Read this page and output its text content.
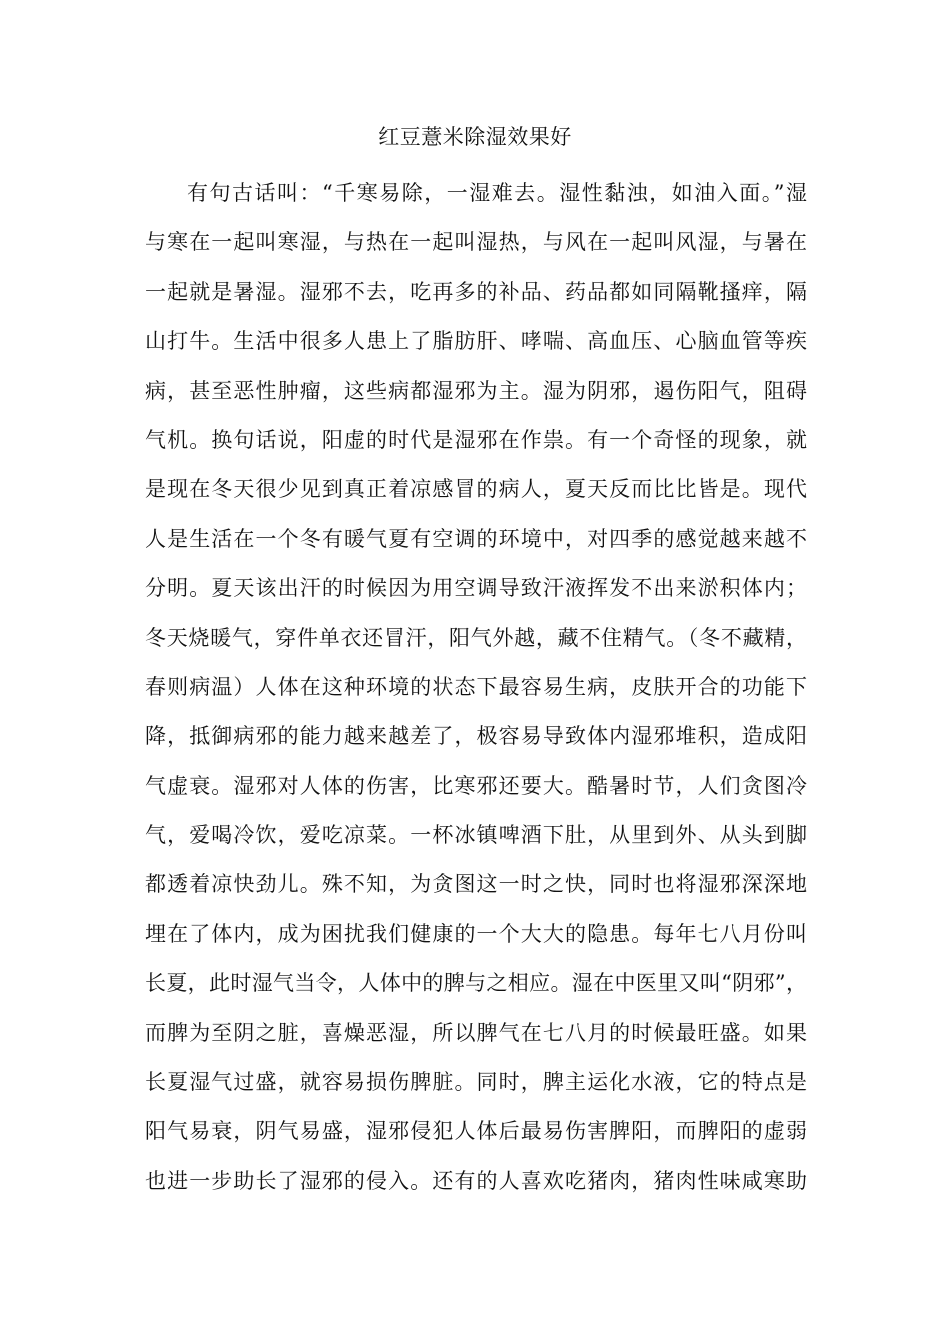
红豆薏米除湿效果好
有句古话叫：“千寒易除，一湿难去。湿性黏浊，如油入面。”湿
与寒在一起叫寒湿，与热在一起叫湿热，与风在一起叫风湿，与暑在
一起就是暑湿。湿邪不去，吃再多的补品、药品都如同隔靴搔痒，隔
山打牛。生活中很多人患上了脂肪肝、哮喘、高血压、心脑血管等疾
病，甚至恶性肿瘤，这些病都湿邪为主。湿为阴邪，遏伤阳气，阻碍
气机。换句话说，阳虚的时代是湿邪在作祟。有一个奇怪的现象，就
是现在冬天很少见到真正着凉感冒的病人，夏天反而比比皆是。现代
人是生活在一个冬有暖气夏有空调的环境中，对四季的感觉越来越不
分明。夏天该出汗的时候因为用空调导致汗液挥发不出来淤积体内；
冬天烧暖气，穿件单衣还冒汗，阳气外越，藏不住精气。（冬不藏精，
春则病温）人体在这种环境的状态下最容易生病，皮肤开合的功能下
降，抵御病邪的能力越来越差了，极容易导致体内湿邪堆积，造成阳
气虚衰。湿邪对人体的伤害，比寒邪还要大。酷暑时节，人们贪图冷
气，爱喝冷饮，爱吃凉菜。一杯冰镇啤酒下肚，从里到外、从头到脚
都透着凉快劲儿。殊不知，为贪图这一时之快，同时也将湿邪深深地
埋在了体内，成为困扰我们健康的一个大大的隐患。每年七八月份叫
长夏，此时湿气当令，人体中的脾与之相应。湿在中医里又叫“阴邪”，
而脾为至阴之脏，喜燥恶湿，所以脾气在七八月的时候最旺盛。如果
长夏湿气过盛，就容易损伤脾脏。同时，脾主运化水液，它的特点是
阳气易衰，阴气易盛，湿邪侵犯人体后最易伤害脾阳，而脾阳的虚弱
也进一步助长了湿邪的侵入。还有的人喜欢吃猪肉，猪肉性味咸寒助
